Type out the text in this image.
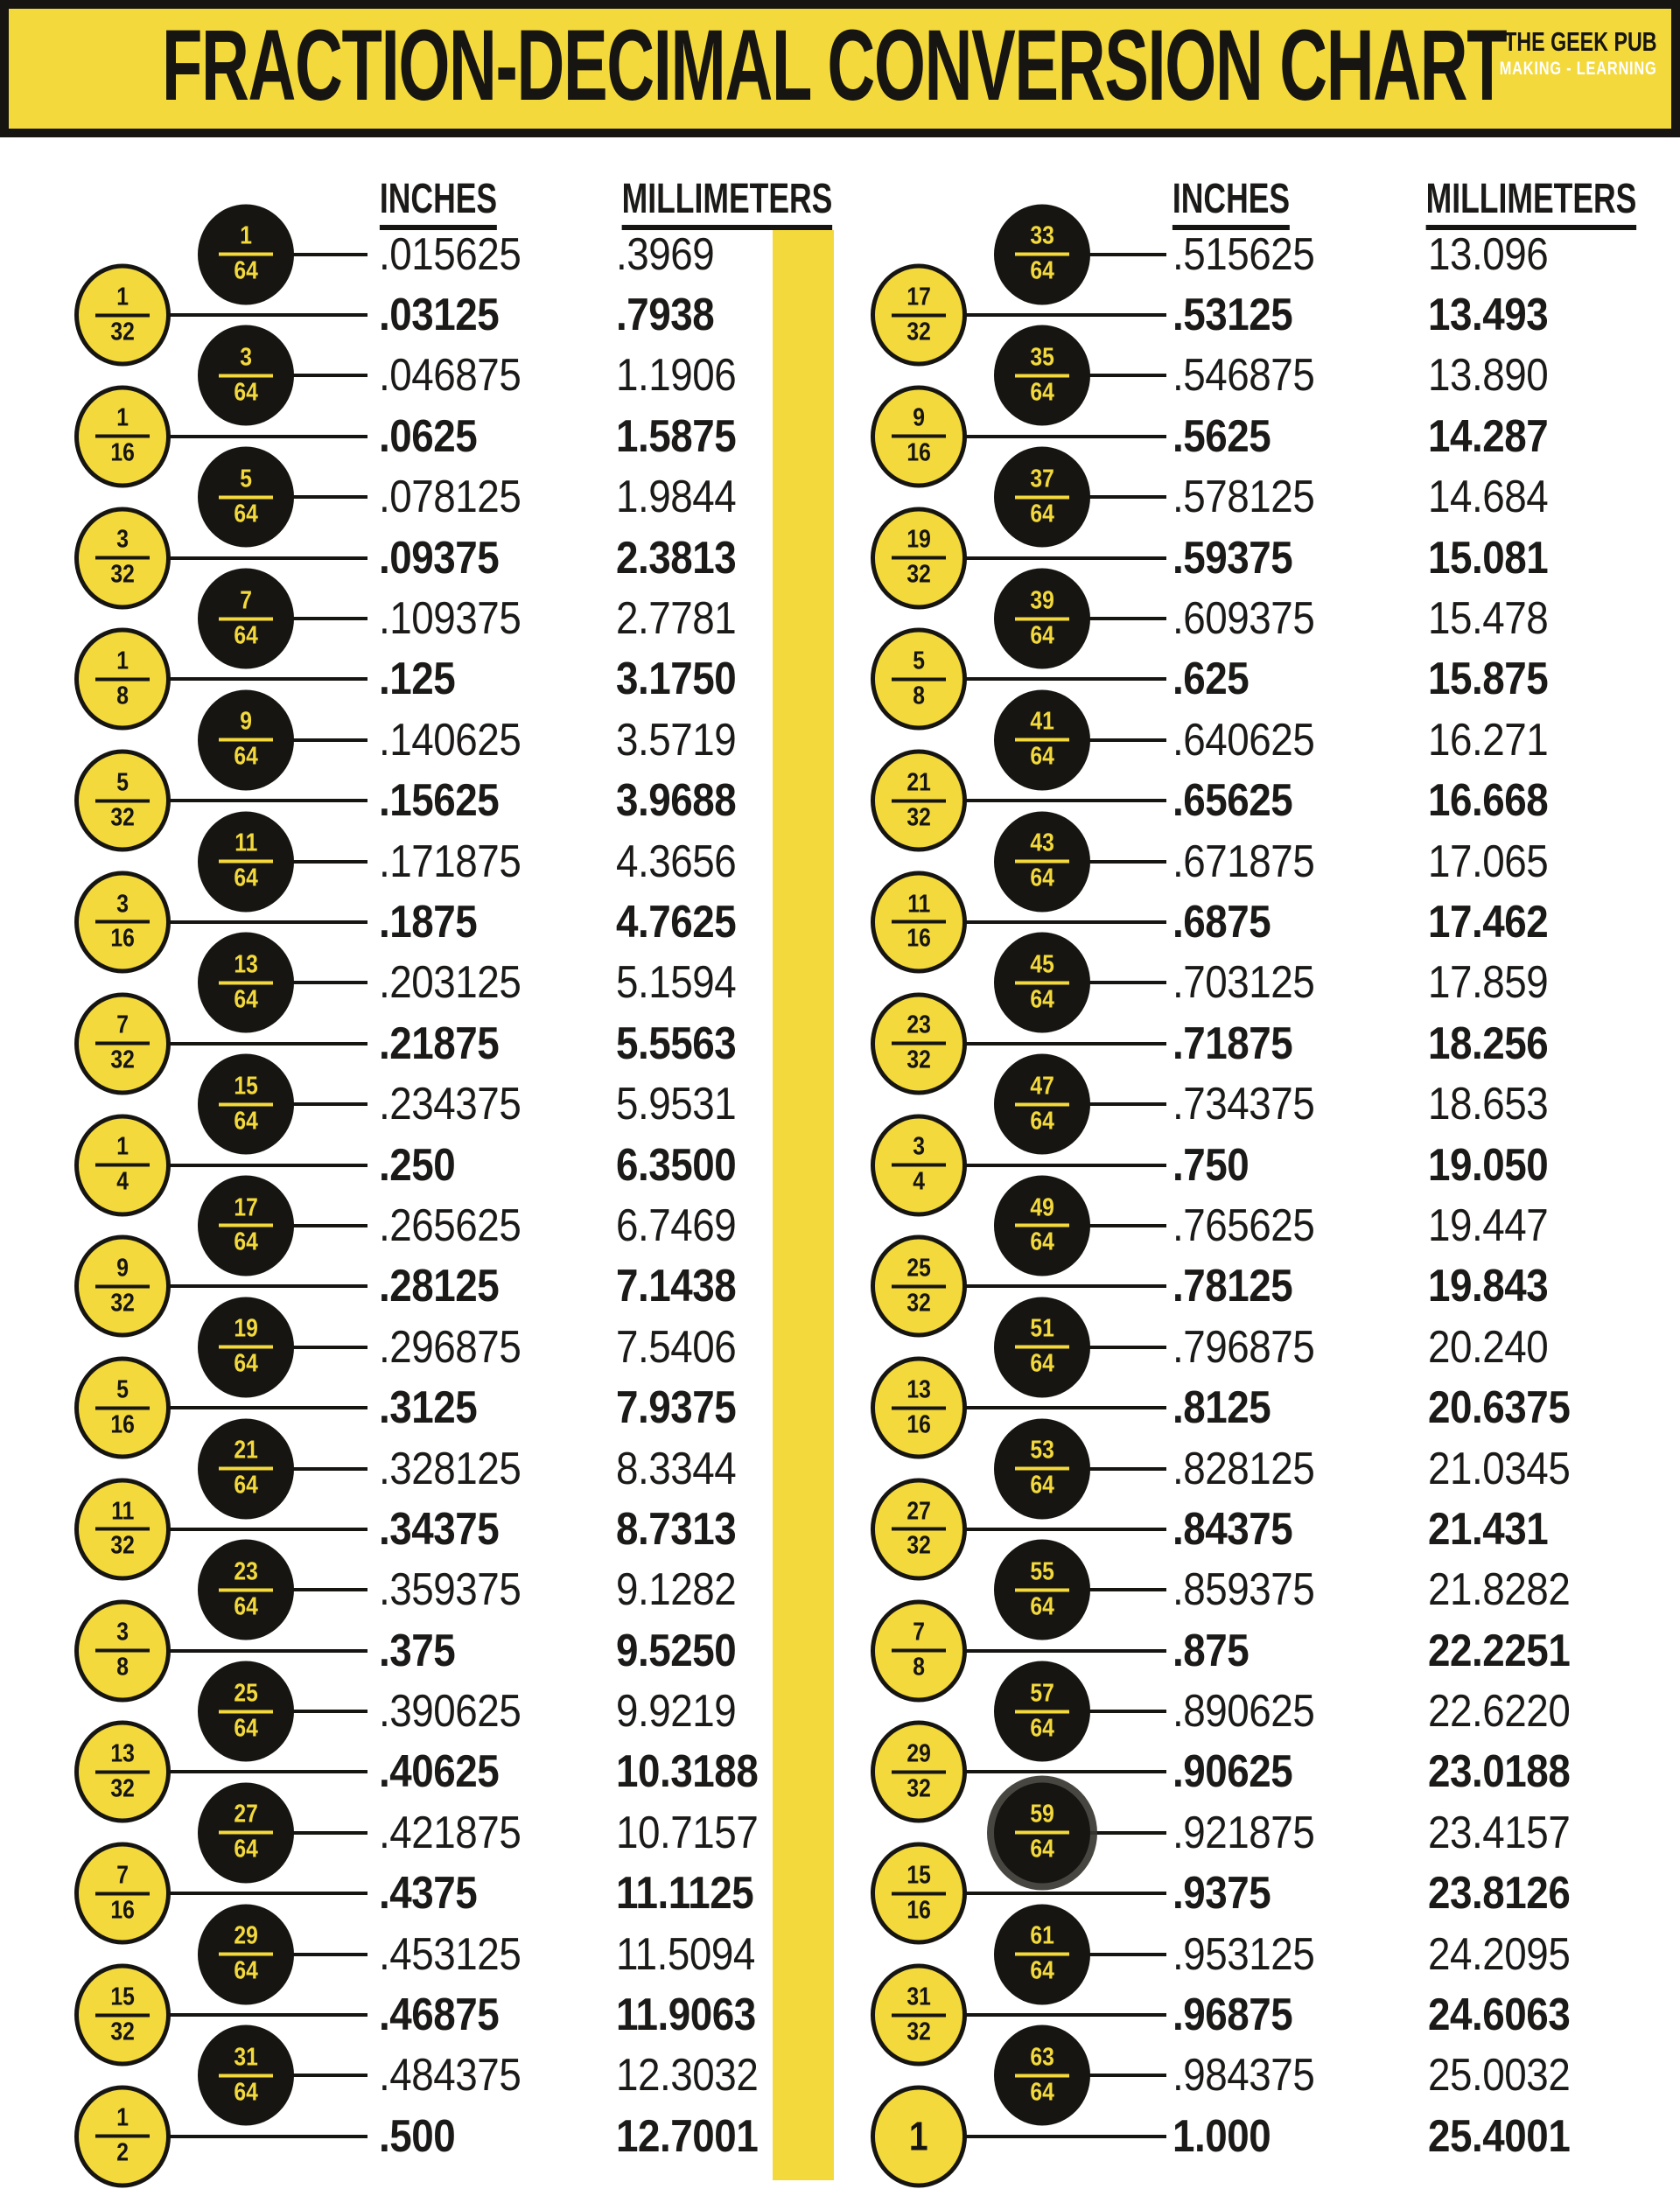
FRACTION-DECIMAL CONVERSION CHART
THE GEEK PUB
MAKING - LEARNING
INCHES	MILLIMETERS
1
64	.015625 .3969
1
32	.03125	.7938
3
64	.046875 1.1906
1
16	.0625	1.5875
5
64	.078125 1.9844
3
32	.09375	2.3813
7
64	.109375 2.7781
1
8	.125	3.1750
9
64	.140625 3.5719
5
32	.15625	3.9688
11
64	.171875 4.3656
3
16	.1875	4.7625
13
64	.203125 5.1594
7
32	.21875	5.5563
15
64	.234375 5.9531
1
4	.250	6.3500
17
64	.265625 6.7469
9
32	.28125	7.1438
19
64	.296875 7.5406
5
16	.3125	7.9375
21
64	.328125 8.3344
11
32	.34375	8.7313
23
64	.359375 9.1282
3
8	.375	9.5250
25
64	.390625 9.9219
13
32	.40625	10.3188
27
64	.421875 10.7157
7
16	.4375	11.1125
29
64	.453125 11.5094
15
32	.46875	11.9063
31
64	.484375 12.3032
1
2	.500	12.7001
INCHES	MILLIMETERS
33
64	.515625 13.096
17
32	.53125	13.493
35
64	.546875 13.890
9
16	.5625	14.287
37
64	.578125 14.684
19
32	.59375	15.081
39
64	.609375 15.478
5
8	.625	15.875
41
64	.640625 16.271
21
32	.65625	16.668
43
64	.671875 17.065
11
16	.6875	17.462
45
64	.703125 17.859
23
32	.71875	18.256
47
64	.734375 18.653
3
4	.750	19.050
49
64	.765625 19.447
25
32	.78125	19.843
51
64	.796875 20.240
13
16	.8125	20.6375
53
64	.828125 21.0345
27
32	.84375	21.431
55
64	.859375 21.8282
7
8	.875	22.2251
57
64	.890625 22.6220
29
32	.90625	23.0188
59
64	.921875 23.4157
15
16	.9375	23.8126
61
64	.953125 24.2095
31
32	.96875	24.6063
63
64	.984375 25.0032
1	1.000	25.4001
